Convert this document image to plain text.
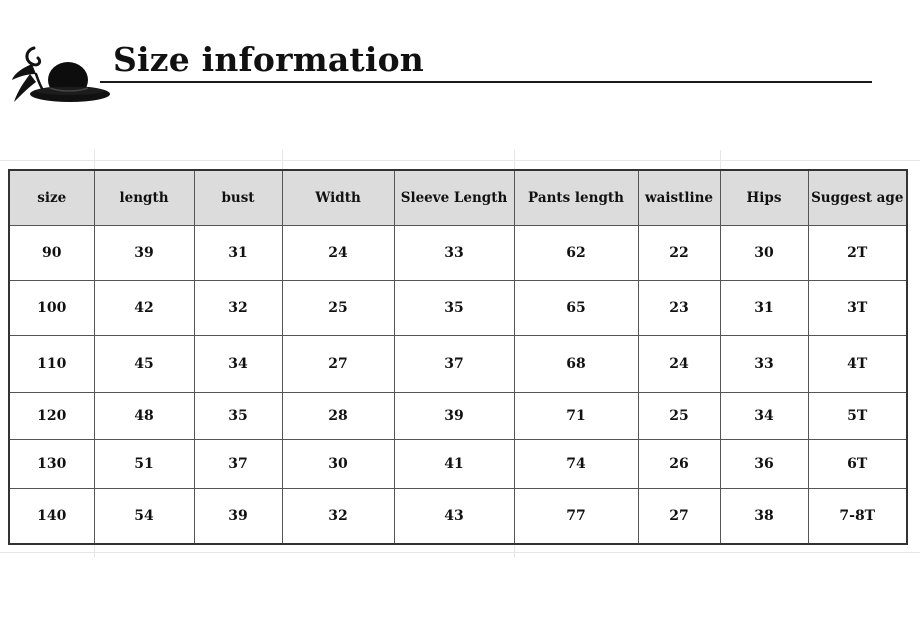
Size information
size	length	bust	Width	Sleeve Length	Pants length	waistline	Hips	Suggest age
90	39	31	24	33	62	22	30	2T
100	42	32	25	35	65	23	31	3T
110	45	34	27	37	68	24	33	4T
120	48	35	28	39	71	25	34	5T
130	51	37	30	41	74	26	36	6T
140	54	39	32	43	77	27	38	7-8T
